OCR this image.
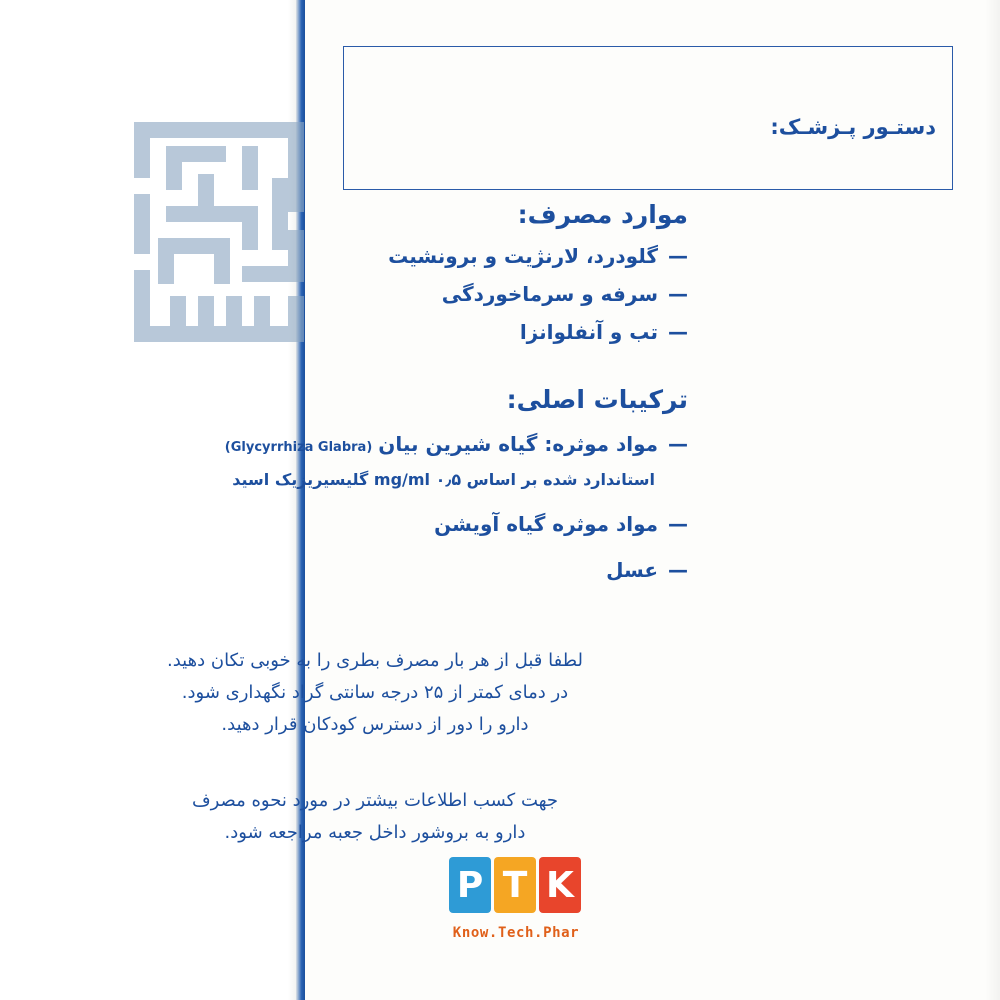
دستـور پـزشـک:
موارد مصرف:
—
گلودرد، لارنژیت و برونشیت
—
سرفه و سرماخوردگی
—
تب و آنفلوانزا
ترکیبات اصلی:
—
مواد موثره: گیاه شیرین بیان
(Glycyrrhiza Glabra)
استاندارد شده بر اساس ۰٫۵ mg/ml گلیسیریزیک اسید
—
مواد موثره گیاه آویشن
—
عسل
لطفا قبل از هر بار مصرف بطری را به خوبی تکان دهید.
در دمای کمتر از ۲۵ درجه سانتی گراد نگهداری شود.
دارو را دور از دسترس کودکان قرار دهید.
جهت کسب اطلاعات بیشتر در مورد نحوه مصرف
دارو به بروشور داخل جعبه مراجعه شود.
K
T
P
Know.Tech.Phar
